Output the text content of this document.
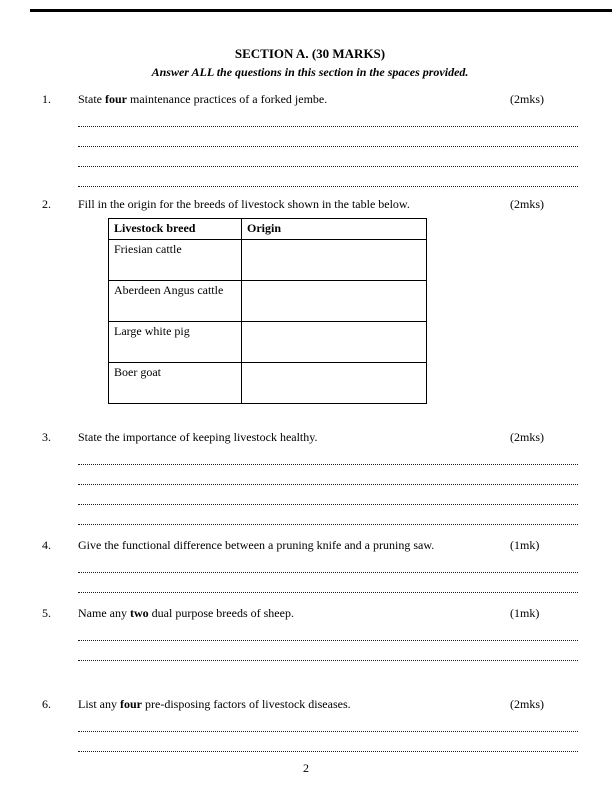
SECTION A. (30 MARKS)
Answer ALL the questions in this section in the spaces provided.
1.	State four maintenance practices of a forked jembe.	(2mks)
2.	Fill in the origin for the breeds of livestock shown in the table below.	(2mks)
Livestock breed	Origin
Friesian cattle	
Aberdeen Angus cattle	
Large white pig	
Boer goat	
3.	State the importance of keeping livestock healthy.	(2mks)
4.	Give the functional difference between a pruning knife and a pruning saw.	(1mk)
5.	Name any two dual purpose breeds of sheep.	(1mk)
6.	List any four pre-disposing factors of livestock diseases.	(2mks)
2
